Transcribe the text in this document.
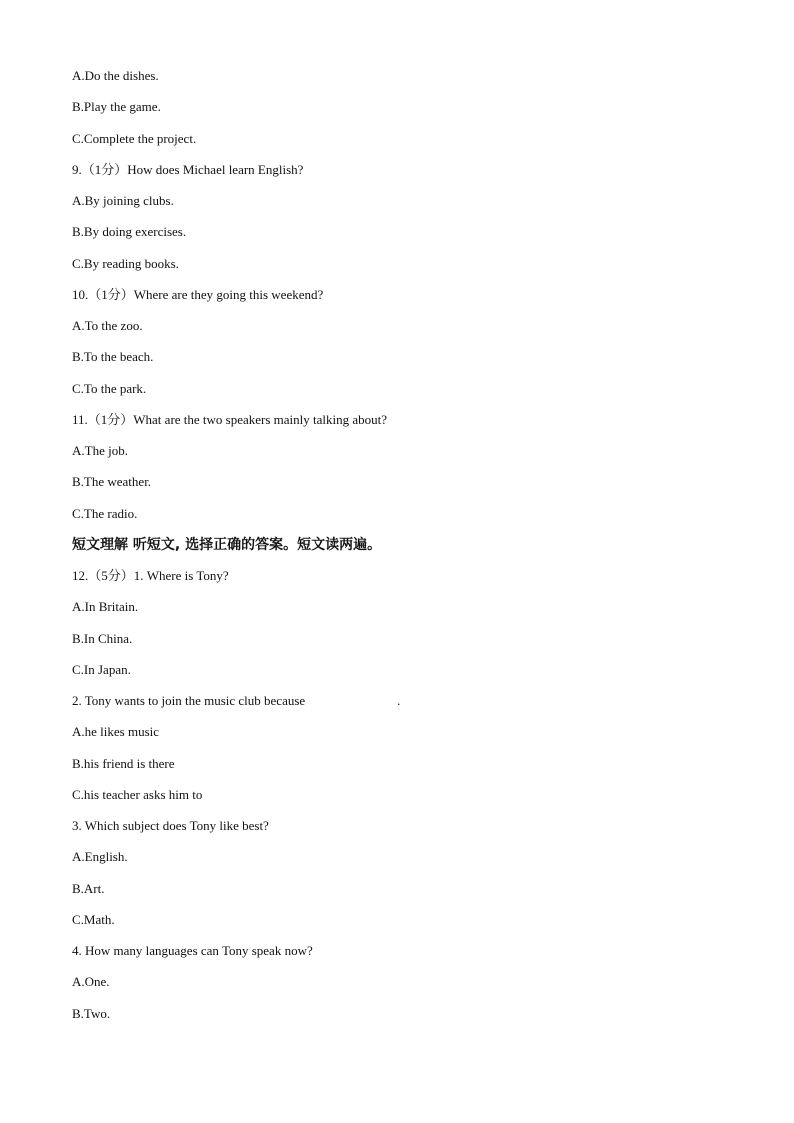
A.Do the dishes.
B.Play the game.
C.Complete the project.
9.（1分）How does Michael learn English?
A.By joining clubs.
B.By doing exercises.
C.By reading books.
10.（1分）Where are they going this weekend?
A.To the zoo.
B.To the beach.
C.To the park.
11.（1分）What are the two speakers mainly talking about?
A.The job.
B.The weather.
C.The radio.
短文理解 听短文, 选择正确的答案。短文读两遍。
12.（5分）1. Where is Tony?
A.In Britain.
B.In China.
C.In Japan.
2. Tony wants to join the music club because	.
A.he likes music
B.his friend is there
C.his teacher asks him to
3. Which subject does Tony like best?
A.English.
B.Art.
C.Math.
4. How many languages can Tony speak now?
A.One.
B.Two.
